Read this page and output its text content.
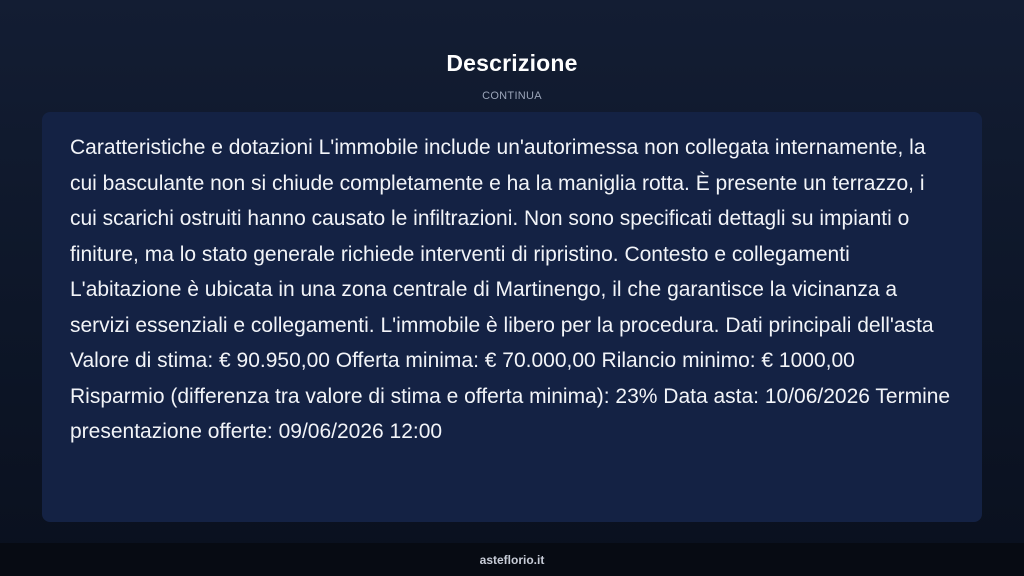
Descrizione
CONTINUA

Caratteristiche e dotazioni L'immobile include un'autorimessa non collegata internamente, la cui basculante non si chiude completamente e ha la maniglia rotta. È presente un terrazzo, i cui scarichi ostruiti hanno causato le infiltrazioni. Non sono specificati dettagli su impianti o finiture, ma lo stato generale richiede interventi di ripristino. Contesto e collegamenti L'abitazione è ubicata in una zona centrale di Martinengo, il che garantisce la vicinanza a servizi essenziali e collegamenti. L'immobile è libero per la procedura. Dati principali dell'asta Valore di stima: € 90.950,00 Offerta minima: € 70.000,00 Rilancio minimo: € 1000,00 Risparmio (differenza tra valore di stima e offerta minima): 23% Data asta: 10/06/2026 Termine presentazione offerte: 09/06/2026 12:00

asteflorio.it
